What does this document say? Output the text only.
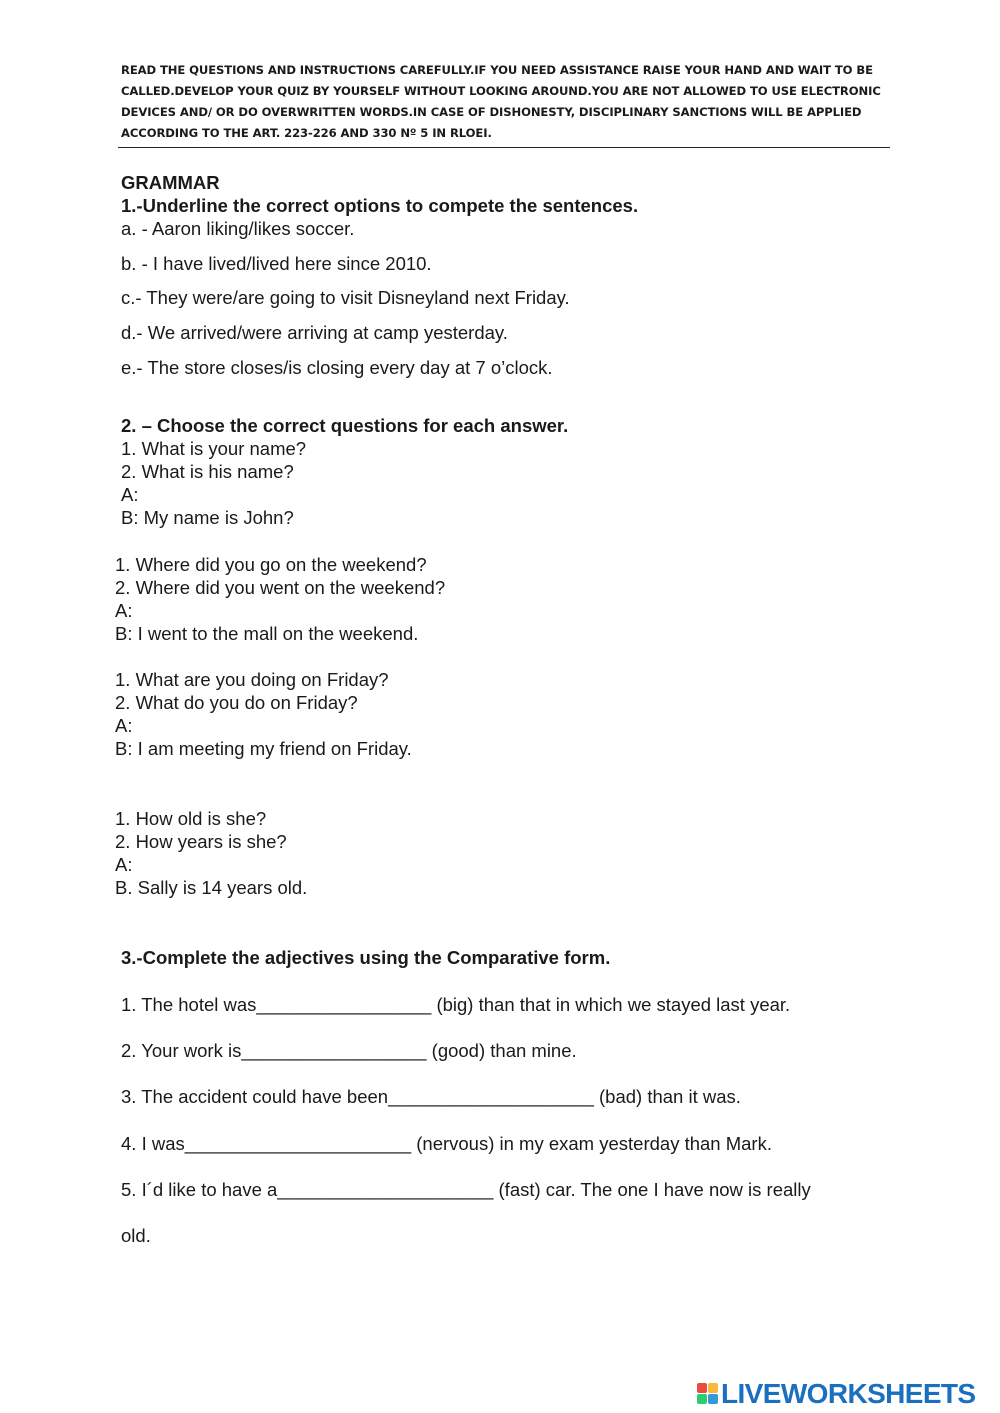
READ THE QUESTIONS AND INSTRUCTIONS CAREFULLY.IF YOU NEED ASSISTANCE RAISE YOUR HAND AND WAIT TO BE
CALLED.DEVELOP YOUR QUIZ BY YOURSELF WITHOUT LOOKING AROUND.YOU ARE NOT ALLOWED TO USE ELECTRONIC
DEVICES AND/ OR DO OVERWRITTEN WORDS.IN CASE OF DISHONESTY, DISCIPLINARY SANCTIONS WILL BE APPLIED
ACCORDING TO THE ART. 223-226 AND 330 Nº 5 IN RLOEI.
GRAMMAR
1.-Underline the correct options to compete the sentences.
a. - Aaron liking/likes soccer.
b. - I have lived/lived here since 2010.
c.- They were/are going to visit Disneyland next Friday.
d.- We arrived/were arriving at camp yesterday.
e.- The store closes/is closing every day at 7 o’clock.
2. – Choose the correct questions for each answer.
1. What is your name?
2. What is his name?
A:
B: My name is John?
1. Where did you go on the weekend?
2. Where did you went on the weekend?
A:
B: I went to the mall on the weekend.
1. What are you doing on Friday?
2. What do you do on Friday?
A:
B: I am meeting my friend on Friday.
1. How old is she?
2. How years is she?
A:
B. Sally is 14 years old.
3.-Complete the adjectives using the Comparative form.
1. The hotel was_________________ (big) than that in which we stayed last year.
2. Your work is__________________ (good) than mine.
3. The accident could have been____________________ (bad) than it was.
4. I was______________________ (nervous) in my exam yesterday than Mark.
5. I´d like to have a_____________________ (fast) car. The one I have now is really
old.
LIVEWORKSHEETS
